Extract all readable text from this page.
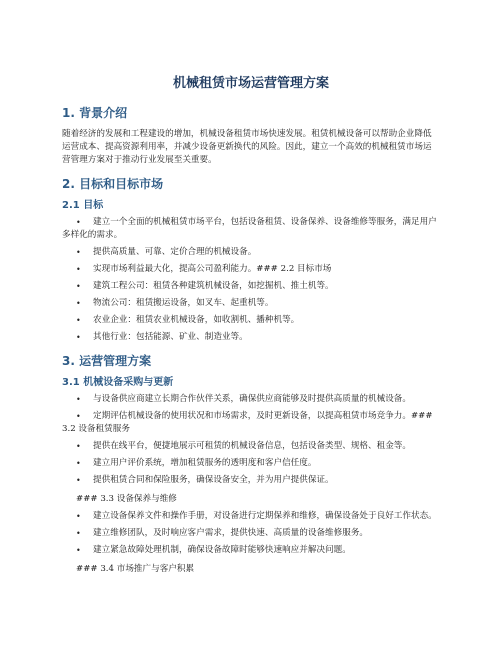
机械租赁市场运营管理方案
1. 背景介绍

随着经济的发展和工程建设的增加，机械设备租赁市场快速发展。租赁机械设备可以帮助企业降低运营成本、提高资源利用率，并减少设备更新换代的风险。因此，建立一个高效的机械租赁市场运营管理方案对于推动行业发展至关重要。

2. 目标和目标市场
2.1 目标
• 建立一个全面的机械租赁市场平台，包括设备租赁、设备保养、设备维修等服务，满足用户多样化的需求。
• 提供高质量、可靠、定价合理的机械设备。
• 实现市场利益最大化，提高公司盈利能力。### 2.2 目标市场
• 建筑工程公司：租赁各种建筑机械设备，如挖掘机、推土机等。
• 物流公司：租赁搬运设备，如叉车、起重机等。
• 农业企业：租赁农业机械设备，如收割机、播种机等。
• 其他行业：包括能源、矿业、制造业等。
3. 运营管理方案
3.1 机械设备采购与更新
• 与设备供应商建立长期合作伙伴关系，确保供应商能够及时提供高质量的机械设备。
• 定期评估机械设备的使用状况和市场需求，及时更新设备，以提高租赁市场竞争力。### 3.2 设备租赁服务
• 提供在线平台，便捷地展示可租赁的机械设备信息，包括设备类型、规格、租金等。
• 建立用户评价系统，增加租赁服务的透明度和客户信任度。
• 提供租赁合同和保险服务，确保设备安全，并为用户提供保证。
### 3.3 设备保养与维修
• 建立设备保养文件和操作手册，对设备进行定期保养和维修，确保设备处于良好工作状态。
• 建立维修团队，及时响应客户需求，提供快速、高质量的设备维修服务。
• 建立紧急故障处理机制，确保设备故障时能够快速响应并解决问题。
### 3.4 市场推广与客户积累
